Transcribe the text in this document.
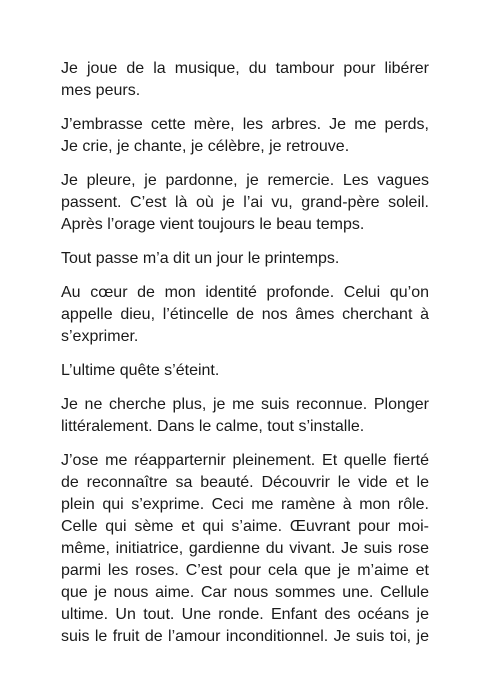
Je joue de la musique, du tambour pour libérer
mes peurs.

J’embrasse cette mère, les arbres. Je me perds,
Je crie, je chante, je célèbre, je retrouve.

Je pleure, je pardonne, je remercie. Les vagues
passent. C’est là où je l’ai vu, grand-père soleil.
Après l’orage vient toujours le beau temps.

Tout passe m’a dit un jour le printemps.

Au cœur de mon identité profonde. Celui qu’on
appelle dieu, l’étincelle de nos âmes cherchant à
s’exprimer.

L’ultime quête s’éteint.

Je ne cherche plus, je me suis reconnue. Plonger
littéralement. Dans le calme, tout s’installe.

J’ose me réapparternir pleinement. Et quelle fierté
de reconnaître sa beauté. Découvrir le vide et le
plein qui s’exprime. Ceci me ramène à mon rôle.
Celle qui sème et qui s’aime. Œuvrant pour moi-
même, initiatrice, gardienne du vivant. Je suis rose
parmi les roses. C’est pour cela que je m’aime et
que je nous aime. Car nous sommes une. Cellule
ultime. Un tout. Une ronde. Enfant des océans je
suis le fruit de l’amour inconditionnel. Je suis toi, je
